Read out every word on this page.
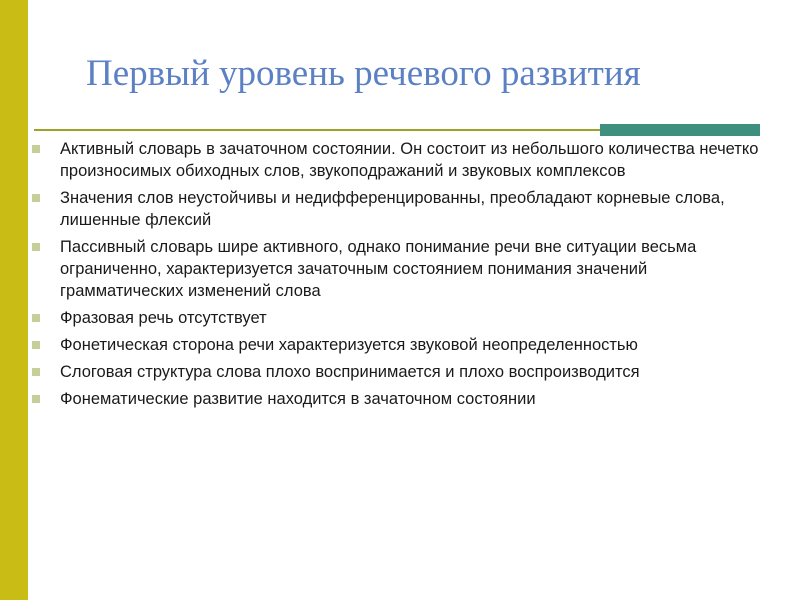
Первый уровень речевого развития
Активный словарь в зачаточном состоянии. Он состоит из небольшого количества нечетко произносимых обиходных слов, звукоподражаний и звуковых комплексов
Значения слов неустойчивы и недифференцированны, преобладают корневые слова, лишенные флексий
Пассивный словарь шире активного, однако понимание речи вне ситуации весьма ограниченно, характеризуется зачаточным состоянием понимания значений грамматических изменений слова
Фразовая речь отсутствует
Фонетическая сторона речи характеризуется звуковой неопределенностью
Слоговая структура слова плохо воспринимается и плохо воспроизводится
Фонематические развитие находится в зачаточном состоянии
